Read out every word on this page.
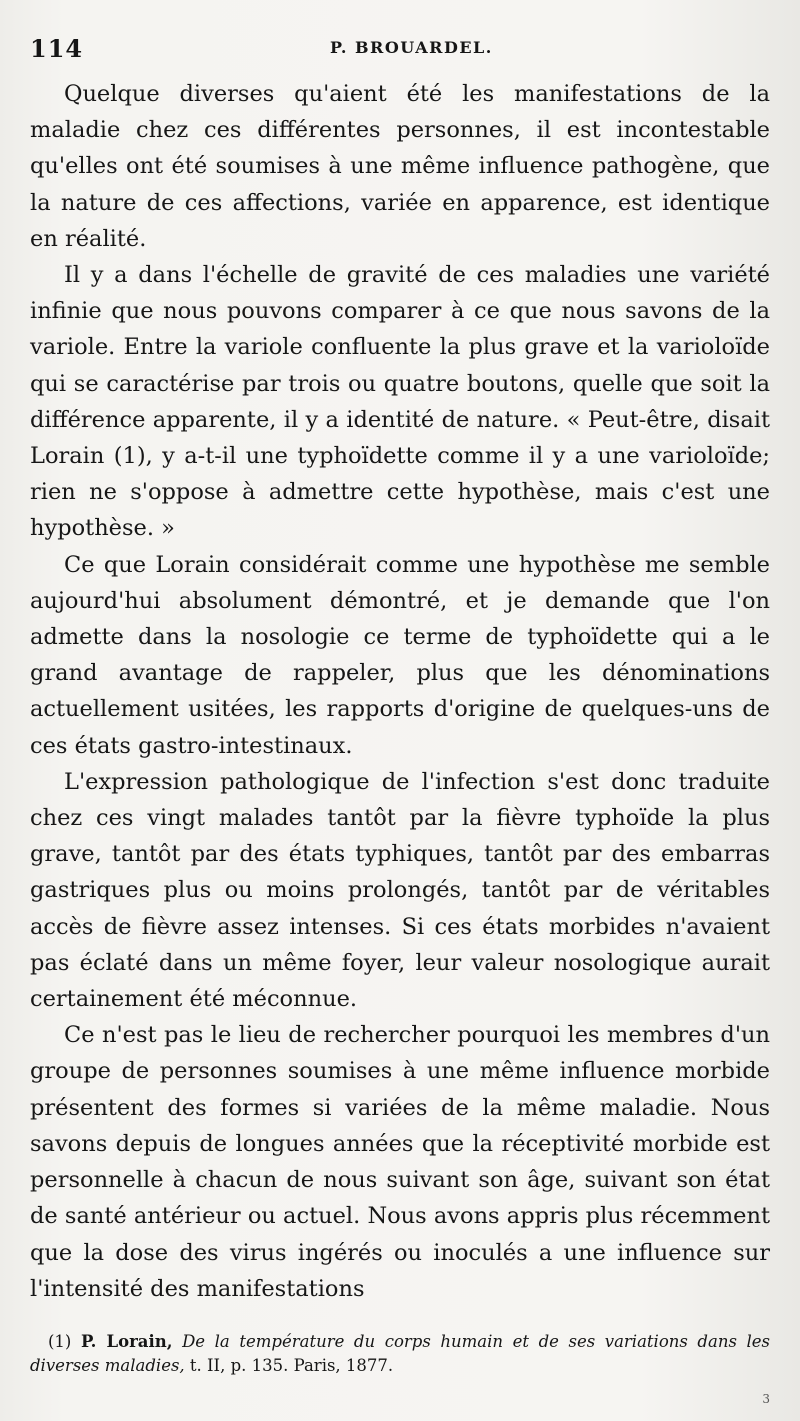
114	P. BROUARDEL.

Quelque diverses qu'aient été les manifestations de la maladie chez ces différentes personnes, il est incontestable qu'elles ont été soumises à une même influence pathogène, que la nature de ces affections, variée en apparence, est identique en réalité.

Il y a dans l'échelle de gravité de ces maladies une variété infinie que nous pouvons comparer à ce que nous savons de la variole. Entre la variole confluente la plus grave et la varioloïde qui se caractérise par trois ou quatre boutons, quelle que soit la différence apparente, il y a identité de nature. « Peut-être, disait Lorain (1), y a-t-il une typhoïdette comme il y a une varioloïde; rien ne s'oppose à admettre cette hypothèse, mais c'est une hypothèse. »

Ce que Lorain considérait comme une hypothèse me semble aujourd'hui absolument démontré, et je demande que l'on admette dans la nosologie ce terme de typhoïdette qui a le grand avantage de rappeler, plus que les dénominations actuellement usitées, les rapports d'origine de quelques-uns de ces états gastro-intestinaux.

L'expression pathologique de l'infection s'est donc traduite chez ces vingt malades tantôt par la fièvre typhoïde la plus grave, tantôt par des états typhiques, tantôt par des embarras gastriques plus ou moins prolongés, tantôt par de véritables accès de fièvre assez intenses. Si ces états morbides n'avaient pas éclaté dans un même foyer, leur valeur nosologique aurait certainement été méconnue.

Ce n'est pas le lieu de rechercher pourquoi les membres d'un groupe de personnes soumises à une même influence morbide présentent des formes si variées de la même maladie. Nous savons depuis de longues années que la réceptivité morbide est personnelle à chacun de nous suivant son âge, suivant son état de santé antérieur ou actuel. Nous avons appris plus récemment que la dose des virus ingérés ou inoculés a une influence sur l'intensité des manifestations

(1) P. Lorain, De la température du corps humain et de ses variations dans les diverses maladies, t. II, p. 135. Paris, 1877.
3
